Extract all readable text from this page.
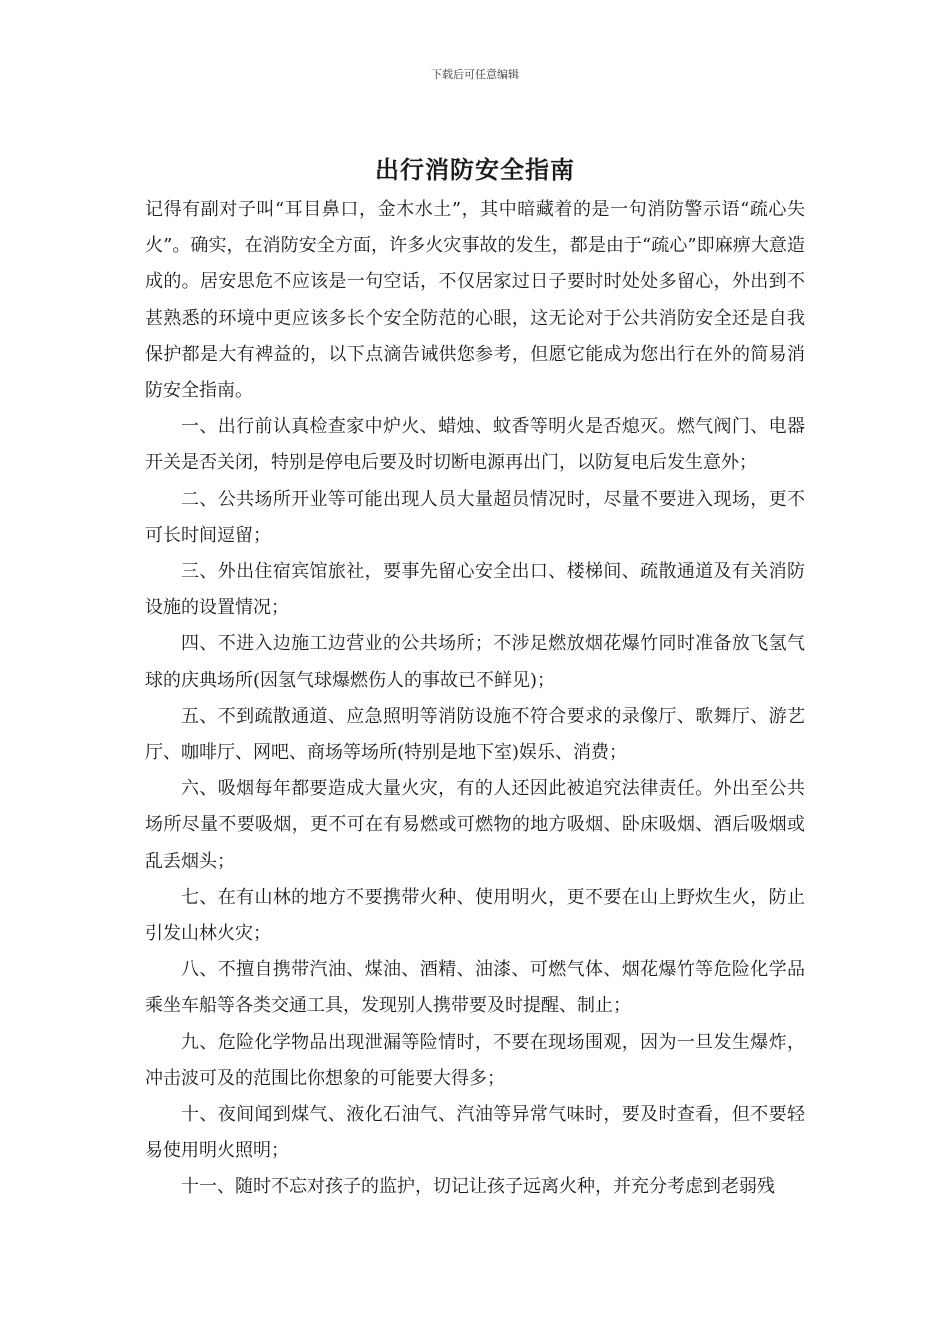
下载后可任意编辑
出行消防安全指南

记得有副对子叫“耳目鼻口，金木水土”，其中暗藏着的是一句消防警示语“疏心失火”。确实，在消防安全方面，许多火灾事故的发生，都是由于“疏心”即麻痹大意造成的。居安思危不应该是一句空话，不仅居家过日子要时时处处多留心，外出到不甚熟悉的环境中更应该多长个安全防范的心眼，这无论对于公共消防安全还是自我保护都是大有裨益的，以下点滴告诫供您参考，但愿它能成为您出行在外的简易消防安全指南。

一、出行前认真检查家中炉火、蜡烛、蚊香等明火是否熄灭。燃气阀门、电器开关是否关闭，特别是停电后要及时切断电源再出门，以防复电后发生意外；

二、公共场所开业等可能出现人员大量超员情况时，尽量不要进入现场，更不可长时间逗留；

三、外出住宿宾馆旅社，要事先留心安全出口、楼梯间、疏散通道及有关消防设施的设置情况；

四、不进入边施工边营业的公共场所；不涉足燃放烟花爆竹同时准备放飞氢气球的庆典场所(因氢气球爆燃伤人的事故已不鲜见)；

五、不到疏散通道、应急照明等消防设施不符合要求的录像厅、歌舞厅、游艺厅、咖啡厅、网吧、商场等场所(特别是地下室)娱乐、消费；

六、吸烟每年都要造成大量火灾，有的人还因此被追究法律责任。外出至公共场所尽量不要吸烟，更不可在有易燃或可燃物的地方吸烟、卧床吸烟、酒后吸烟或乱丢烟头；

七、在有山林的地方不要携带火种、使用明火，更不要在山上野炊生火，防止引发山林火灾；

八、不擅自携带汽油、煤油、酒精、油漆、可燃气体、烟花爆竹等危险化学品乘坐车船等各类交通工具，发现别人携带要及时提醒、制止；

九、危险化学物品出现泄漏等险情时，不要在现场围观，因为一旦发生爆炸，冲击波可及的范围比你想象的可能要大得多；

十、夜间闻到煤气、液化石油气、汽油等异常气味时，要及时查看，但不要轻易使用明火照明；

十一、随时不忘对孩子的监护，切记让孩子远离火种，并充分考虑到老弱残
